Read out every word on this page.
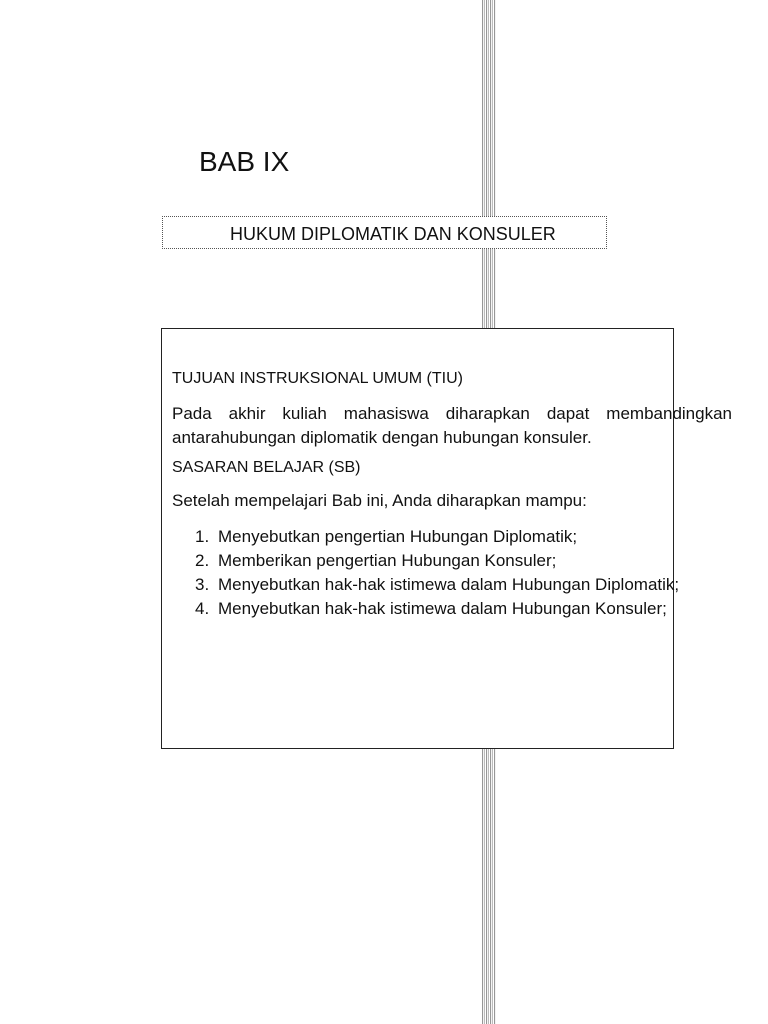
BAB IX
HUKUM DIPLOMATIK DAN KONSULER
TUJUAN INSTRUKSIONAL UMUM (TIU)
Pada akhir kuliah mahasiswa diharapkan dapat membandingkan
antarahubungan diplomatik dengan hubungan konsuler.
SASARAN BELAJAR (SB)
Setelah mempelajari Bab ini, Anda diharapkan mampu:
1. Menyebutkan pengertian Hubungan Diplomatik;
2. Memberikan pengertian Hubungan Konsuler;
3. Menyebutkan hak-hak istimewa dalam Hubungan Diplomatik;
4. Menyebutkan hak-hak istimewa dalam Hubungan Konsuler;
